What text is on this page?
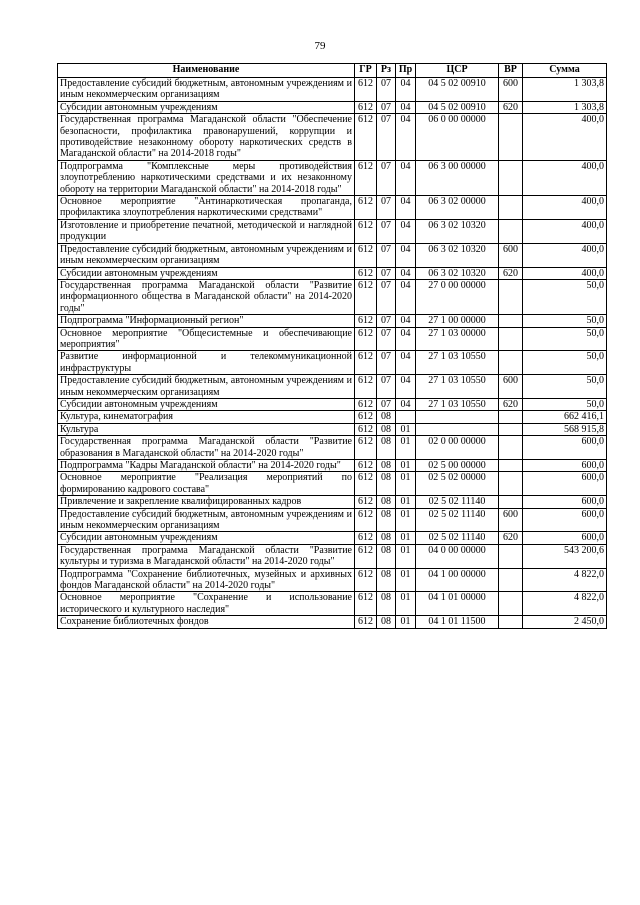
79
Наименование	ГР	Рз	Пр	ЦСР	ВР	Сумма
Предоставление субсидий бюджетным, автономным учреждениям и иным некоммерческим организациям	612	07	04	04 5 02 00910	600	1 303,8
Субсидии автономным учреждениям	612	07	04	04 5 02 00910	620	1 303,8
Государственная программа Магаданской области "Обеспечение безопасности, профилактика правонарушений, коррупции и противодействие незаконному обороту наркотических средств в Магаданской области" на 2014-2018 годы"	612	07	04	06 0 00 00000		400,0
Подпрограмма "Комплексные меры противодействия злоупотреблению наркотическими средствами и их незаконному обороту на территории Магаданской области" на 2014-2018 годы"	612	07	04	06 3 00 00000		400,0
Основное мероприятие "Антинаркотическая пропаганда, профилактика злоупотребления наркотическими средствами"	612	07	04	06 3 02 00000		400,0
Изготовление и приобретение печатной, методической и наглядной продукции	612	07	04	06 3 02 10320		400,0
Предоставление субсидий бюджетным, автономным учреждениям и иным некоммерческим организациям	612	07	04	06 3 02 10320	600	400,0
Субсидии автономным учреждениям	612	07	04	06 3 02 10320	620	400,0
Государственная программа Магаданской области "Развитие информационного общества в Магаданской области" на 2014-2020 годы"	612	07	04	27 0 00 00000		50,0
Подпрограмма "Информационный регион"	612	07	04	27 1 00 00000		50,0
Основное мероприятие "Общесистемные и обеспечивающие мероприятия"	612	07	04	27 1 03 00000		50,0
Развитие информационной и телекоммуникационной инфраструктуры	612	07	04	27 1 03 10550		50,0
Предоставление субсидий бюджетным, автономным учреждениям и иным некоммерческим организациям	612	07	04	27 1 03 10550	600	50,0
Субсидии автономным учреждениям	612	07	04	27 1 03 10550	620	50,0
Культура, кинематография	612	08				662 416,1
Культура	612	08	01			568 915,8
Государственная программа Магаданской области "Развитие образования в Магаданской области" на 2014-2020 годы"	612	08	01	02 0 00 00000		600,0
Подпрограмма "Кадры Магаданской области" на 2014-2020 годы"	612	08	01	02 5 00 00000		600,0
Основное мероприятие "Реализация мероприятий по формированию кадрового состава"	612	08	01	02 5 02 00000		600,0
Привлечение и закрепление квалифицированных кадров	612	08	01	02 5 02 11140		600,0
Предоставление субсидий бюджетным, автономным учреждениям и иным некоммерческим организациям	612	08	01	02 5 02 11140	600	600,0
Субсидии автономным учреждениям	612	08	01	02 5 02 11140	620	600,0
Государственная программа Магаданской области "Развитие культуры и туризма в Магаданской области" на 2014-2020 годы"	612	08	01	04 0 00 00000		543 200,6
Подпрограмма "Сохранение библиотечных, музейных и архивных фондов Магаданской области" на 2014-2020 годы"	612	08	01	04 1 00 00000		4 822,0
Основное мероприятие "Сохранение и использование исторического и культурного наследия"	612	08	01	04 1 01 00000		4 822,0
Сохранение библиотечных фондов	612	08	01	04 1 01 11500		2 450,0
